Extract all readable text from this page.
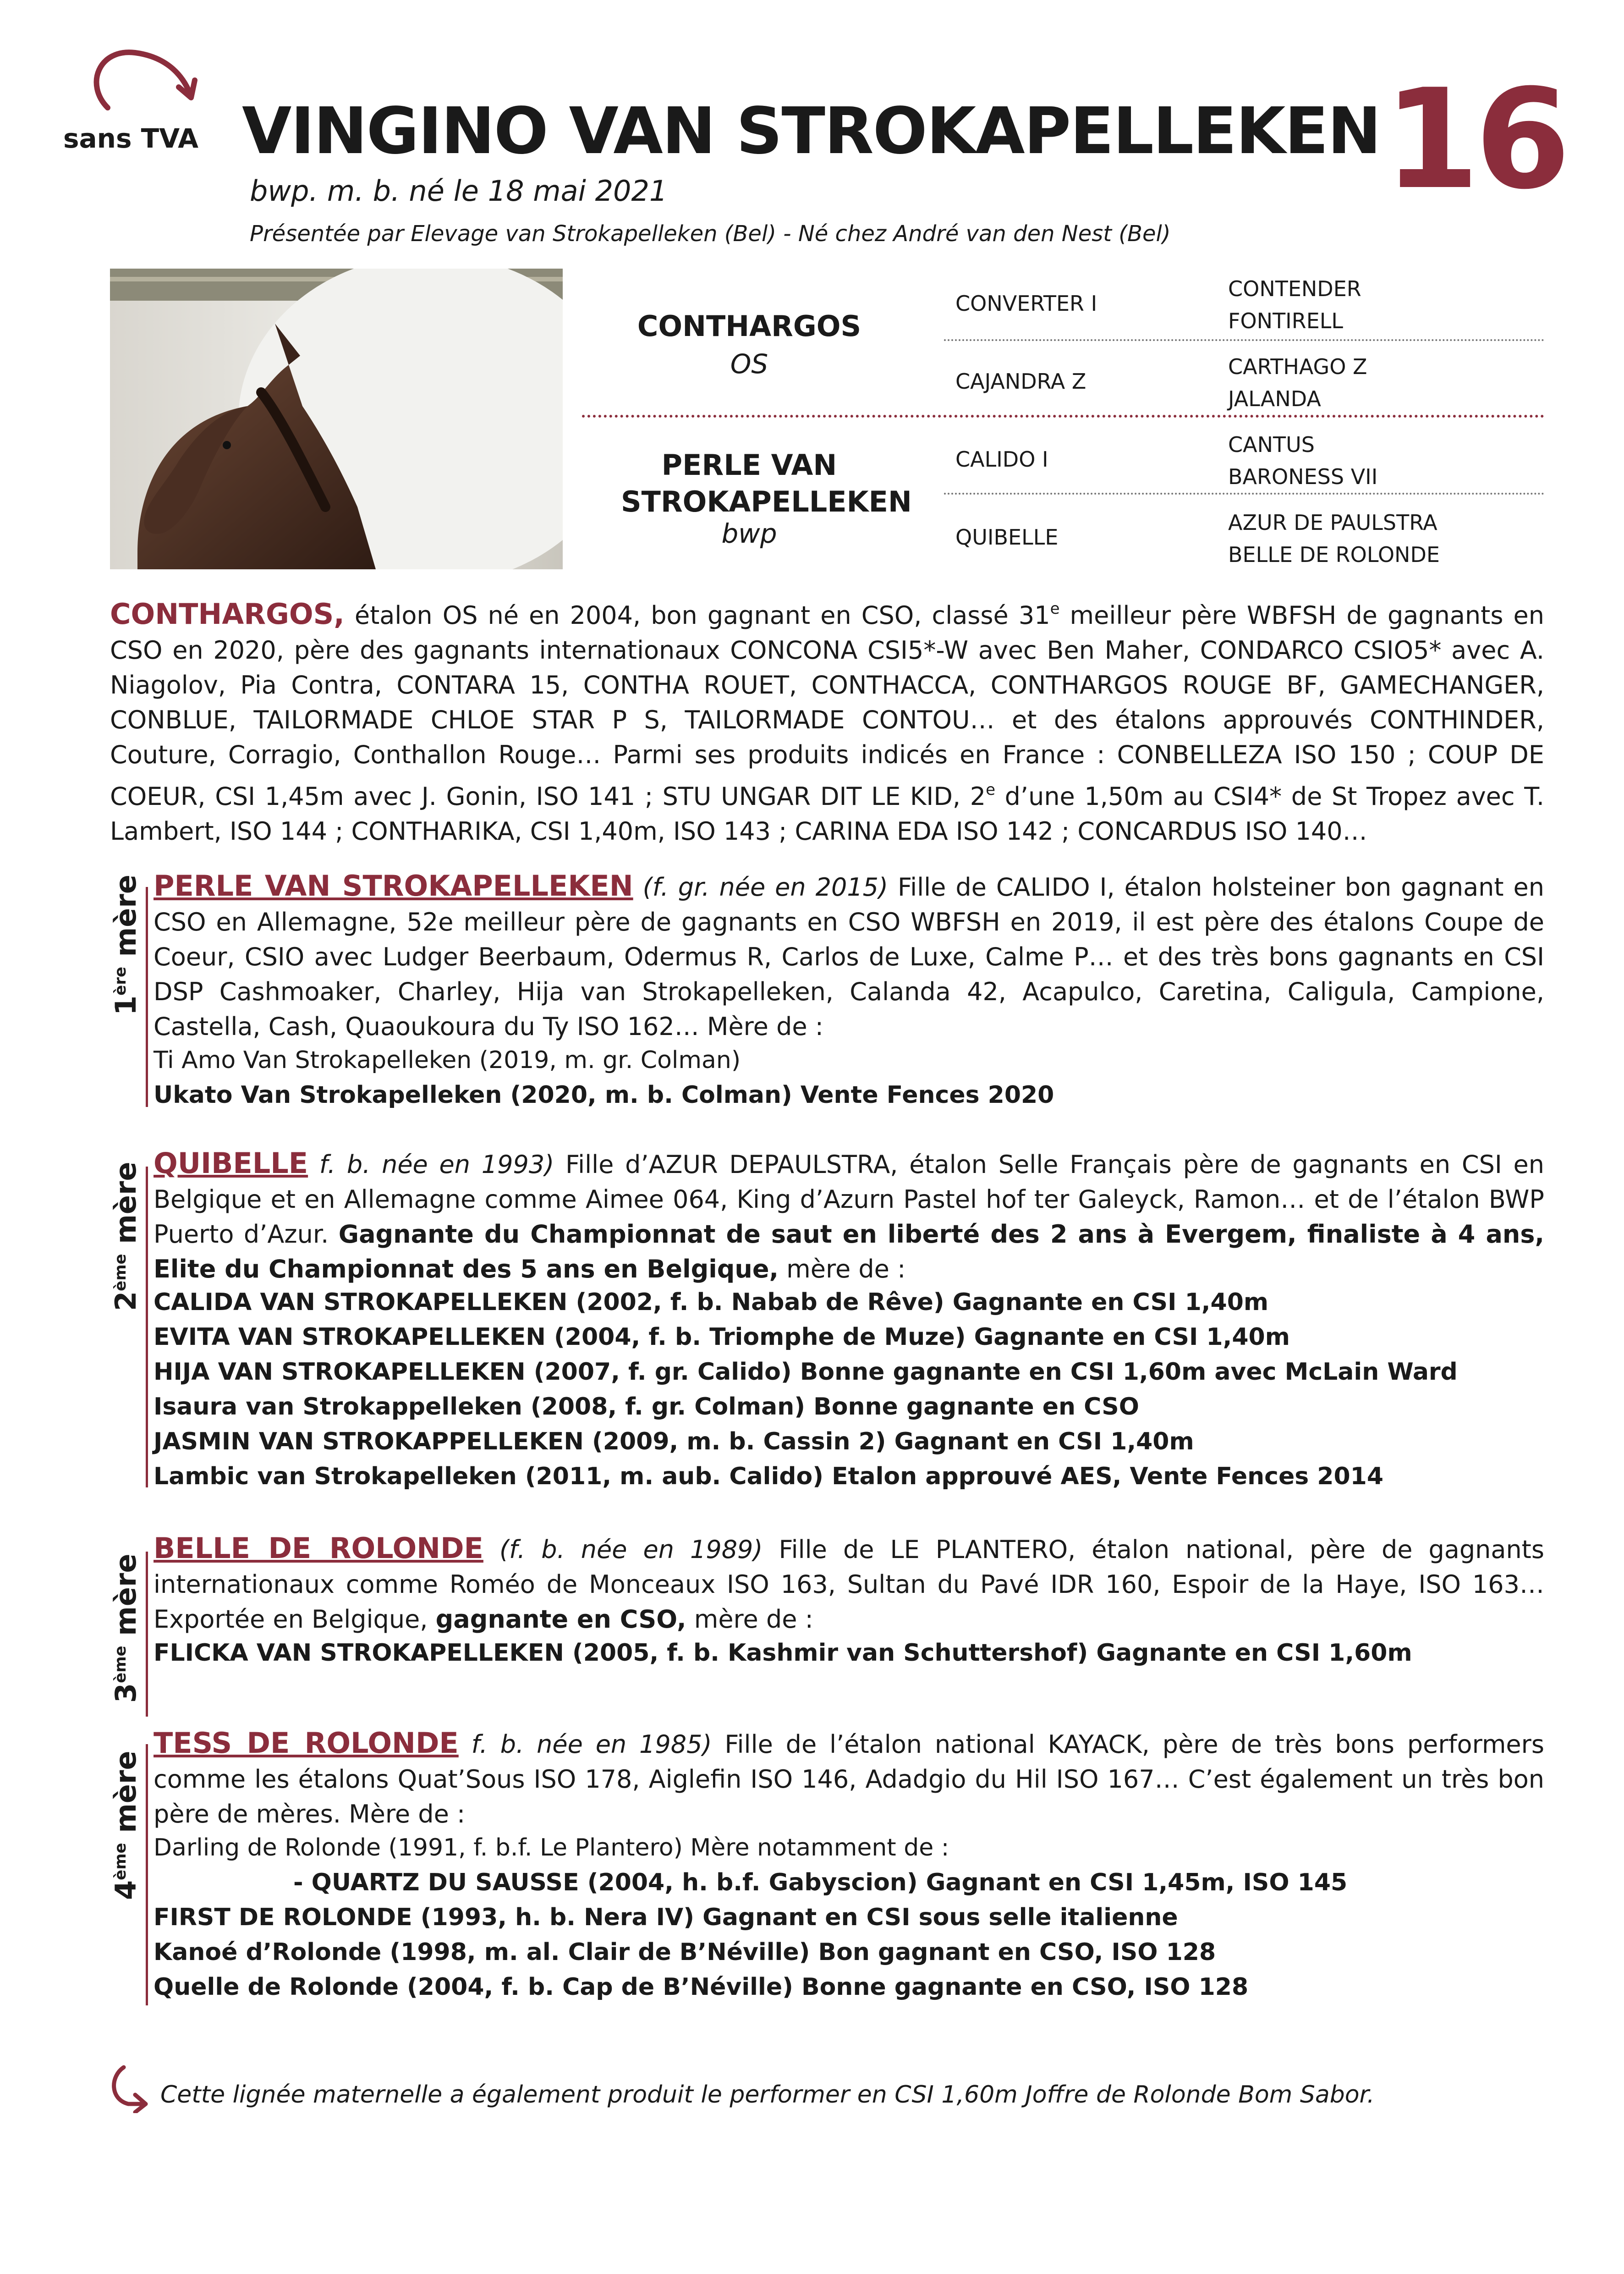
sans TVA VINGINO VAN STROKAPELLEKEN 16
bwp. m. b. né le 18 mai 2021
Présentée par Elevage van Strokapelleken (Bel) - Né chez André van den Nest (Bel)
CONTHARGOS
OS
PERLE VAN
STROKAPELLEKEN
bwp
CONVERTER I
CAJANDRA Z
CALIDO I
QUIBELLE
CONTENDER
FONTIRELL
CARTHAGO Z
JALANDA
CANTUS
BARONESS VII
AZUR DE PAULSTRA
BELLE DE ROLONDE
CONTHARGOS, étalon OS né en 2004, bon gagnant en CSO, classé 31e meilleur père WBFSH de gagnants en CSO en 2020, père des gagnants internationaux CONCONA CSI5*-W avec Ben Maher, CONDARCO CSIO5* avec A. Niagolov, Pia Contra, CONTARA 15, CONTHA ROUET, CONTHACCA, CONTHARGOS ROUGE BF, GAMECHANGER, CONBLUE, TAILORMADE CHLOE STAR P S, TAILORMADE CONTOU… et des étalons approuvés CONTHINDER, Couture, Corragio, Conthallon Rouge… Parmi ses produits indicés en France : CONBELLEZA ISO 150 ; COUP DE COEUR, CSI 1,45m avec J. Gonin, ISO 141 ; STU UNGAR DIT LE KID, 2e d’une 1,50m au CSI4* de St Tropez avec T. Lambert, ISO 144 ; CONTHARIKA, CSI 1,40m, ISO 143 ; CARINA EDA ISO 142 ; CONCARDUS ISO 140…
1ère mère PERLE VAN STROKAPELLEKEN (f. gr. née en 2015) Fille de CALIDO I, étalon holsteiner bon gagnant en CSO en Allemagne, 52e meilleur père de gagnants en CSO WBFSH en 2019, il est père des étalons Coupe de Coeur, CSIO avec Ludger Beerbaum, Odermus R, Carlos de Luxe, Calme P… et des très bons gagnants en CSI DSP Cashmoaker, Charley, Hija van Strokapelleken, Calanda 42, Acapulco, Caretina, Caligula, Campione, Castella, Cash, Quaoukoura du Ty ISO 162… Mère de :
Ti Amo Van Strokapelleken (2019, m. gr. Colman)
Ukato Van Strokapelleken (2020, m. b. Colman) Vente Fences 2020
2ème mère QUIBELLE f. b. née en 1993) Fille d’AZUR DEPAULSTRA, étalon Selle Français père de gagnants en CSI en Belgique et en Allemagne comme Aimee 064, King d’Azurn Pastel hof ter Galeyck, Ramon… et de l’étalon BWP Puerto d’Azur. Gagnante du Championnat de saut en liberté des 2 ans à Evergem, finaliste à 4 ans, Elite du Championnat des 5 ans en Belgique, mère de :
CALIDA VAN STROKAPELLEKEN (2002, f. b. Nabab de Rêve) Gagnante en CSI 1,40m
EVITA VAN STROKAPELLEKEN (2004, f. b. Triomphe de Muze) Gagnante en CSI 1,40m
HIJA VAN STROKAPELLEKEN (2007, f. gr. Calido) Bonne gagnante en CSI 1,60m avec McLain Ward
Isaura van Strokappelleken (2008, f. gr. Colman) Bonne gagnante en CSO
JASMIN VAN STROKAPPELLEKEN (2009, m. b. Cassin 2) Gagnant en CSI 1,40m
Lambic van Strokapelleken (2011, m. aub. Calido) Etalon approuvé AES, Vente Fences 2014
3ème mère
BELLE DE ROLONDE (f. b. née en 1989) Fille de LE PLANTERO, étalon national, père de gagnants internationaux comme Roméo de Monceaux ISO 163, Sultan du Pavé IDR 160, Espoir de la Haye, ISO 163… Exportée en Belgique, gagnante en CSO, mère de :
FLICKA VAN STROKAPELLEKEN (2005, f. b. Kashmir van Schuttershof) Gagnante en CSI 1,60m
4ème mère
TESS DE ROLONDE f. b. née en 1985) Fille de l’étalon national KAYACK, père de très bons performers comme les étalons Quat’Sous ISO 178, Aiglefin ISO 146, Adadgio du Hil ISO 167… C’est également un très bon père de mères. Mère de :
Darling de Rolonde (1991, f. b.f. Le Plantero) Mère notamment de :
- QUARTZ DU SAUSSE (2004, h. b.f. Gabyscion) Gagnant en CSI 1,45m, ISO 145
FIRST DE ROLONDE (1993, h. b. Nera IV) Gagnant en CSI sous selle italienne
Kanoé d’Rolonde (1998, m. al. Clair de B’Néville) Bon gagnant en CSO, ISO 128
Quelle de Rolonde (2004, f. b. Cap de B’Néville) Bonne gagnante en CSO, ISO 128
Cette lignée maternelle a également produit le performer en CSI 1,60m Joffre de Rolonde Bom Sabor.
